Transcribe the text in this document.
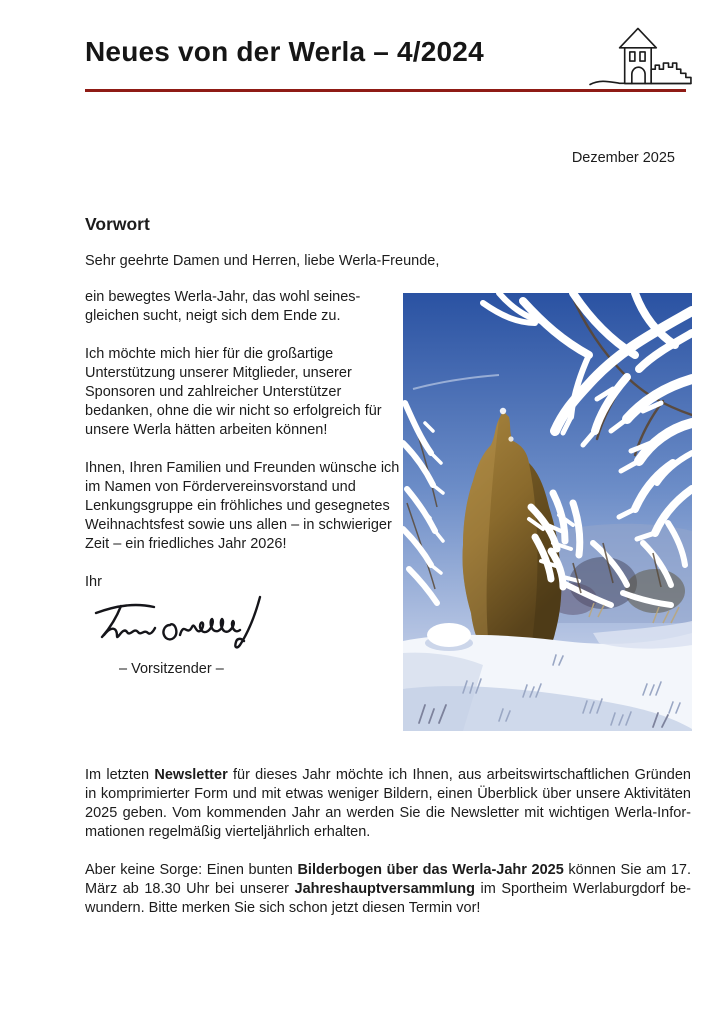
Neues von der Werla – 4/2024
Dezember 2025
Vorwort
Sehr geehrte Damen und Herren, liebe Werla-Freunde,

ein bewegtes Werla-Jahr, das wohl seinesgleichen sucht, neigt sich dem Ende zu.

Ich möchte mich hier für die großartige Unterstützung unserer Mitglieder, unserer Sponsoren und zahlreicher Unterstützer bedanken, ohne die wir nicht so erfolgreich für unsere Werla hätten arbeiten können!

Ihnen, Ihren Familien und Freunden wünsche ich im Namen von Fördervereinsvorstand und Lenkungsgruppe ein fröhliches und gesegnetes Weihnachtsfest sowie uns allen – in schwieriger Zeit – ein friedliches Jahr 2026!

Ihr

– Vorsitzender –

Im letzten Newsletter für dieses Jahr möchte ich Ihnen, aus arbeitswirtschaftlichen Gründen in komprimierter Form und mit etwas weniger Bildern, einen Überblick über unsere Aktivitäten 2025 geben. Vom kommenden Jahr an werden Sie die Newsletter mit wichtigen Werla-Informationen regelmäßig vierteljährlich erhalten.

Aber keine Sorge: Einen bunten Bilderbogen über das Werla-Jahr 2025 können Sie am 17. März ab 18.30 Uhr bei unserer Jahreshauptversammlung im Sportheim Werlaburgdorf bewundern. Bitte merken Sie sich schon jetzt diesen Termin vor!
